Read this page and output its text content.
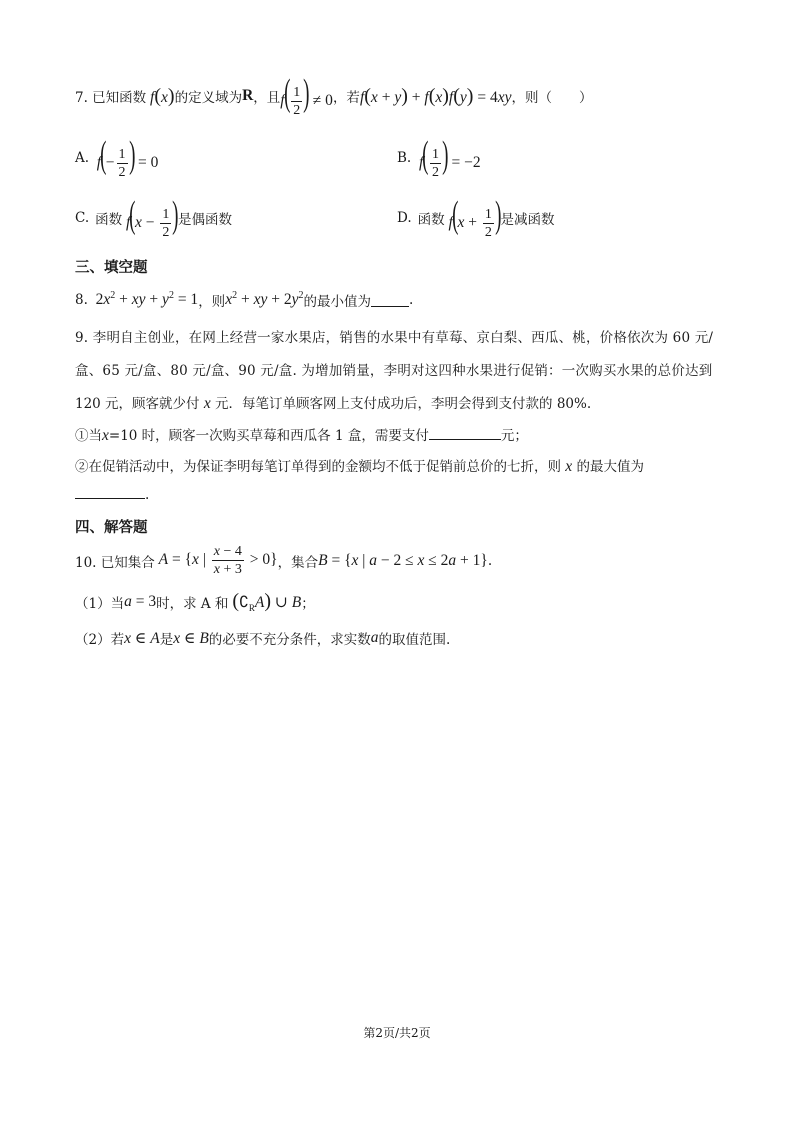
7. 已知函数 f(x) 的定义域为 R ，且 $f( \frac{1}{2}$ ) ≠ 0 ，若 f(x + y) + f(x)f(y) = 4xy ，则（　　）
A. $f(- \frac{1}{2}$ ) = 0	B. $f( \frac{1}{2}$ ) = −2
C. 函数 $f(x - \frac{1}{2}$ ) 是偶函数	D. 函数 $f(x + \frac{1}{2}$ ) 是减函数
三、填空题
8. $2x^2$ + xy + $y^2 = 1$ ，则 $x^2$ + xy + $2y^2$ 的最小值为	.
9. 李明自主创业，在网上经营一家水果店，销售的水果中有草莓、京白梨、西瓜、桃，价格依次为 60 元/
盒、65 元/盒、80 元/盒、90 元/盒. 为增加销量，李明对这四种水果进行促销：一次购买水果的总价达到
120 元，顾客就少付 x 元．每笔订单顾客网上支付成功后，李明会得到支付款的 80%.
①当x=10 时，顾客一次购买草莓和西瓜各 1 盒，需要支付	元；
②在促销活动中，为保证李明每笔订单得到的金额均不低于促销前总价的七折，则 x 的最大值为
.
四、解答题
10. 已知集合 A = {x | $\frac{x - 4}{x + 3} > 0$} ，集合 B = {x | a − 2 ≤ x ≤ 2a + 1} .
（1）当 a = 3 时，求 A 和 $(∁_RA)$ ∪ B ；
（2）若 x ∈ A 是 x ∈ B 的必要不充分条件，求实数 a 的取值范围.
第2页/共2页
